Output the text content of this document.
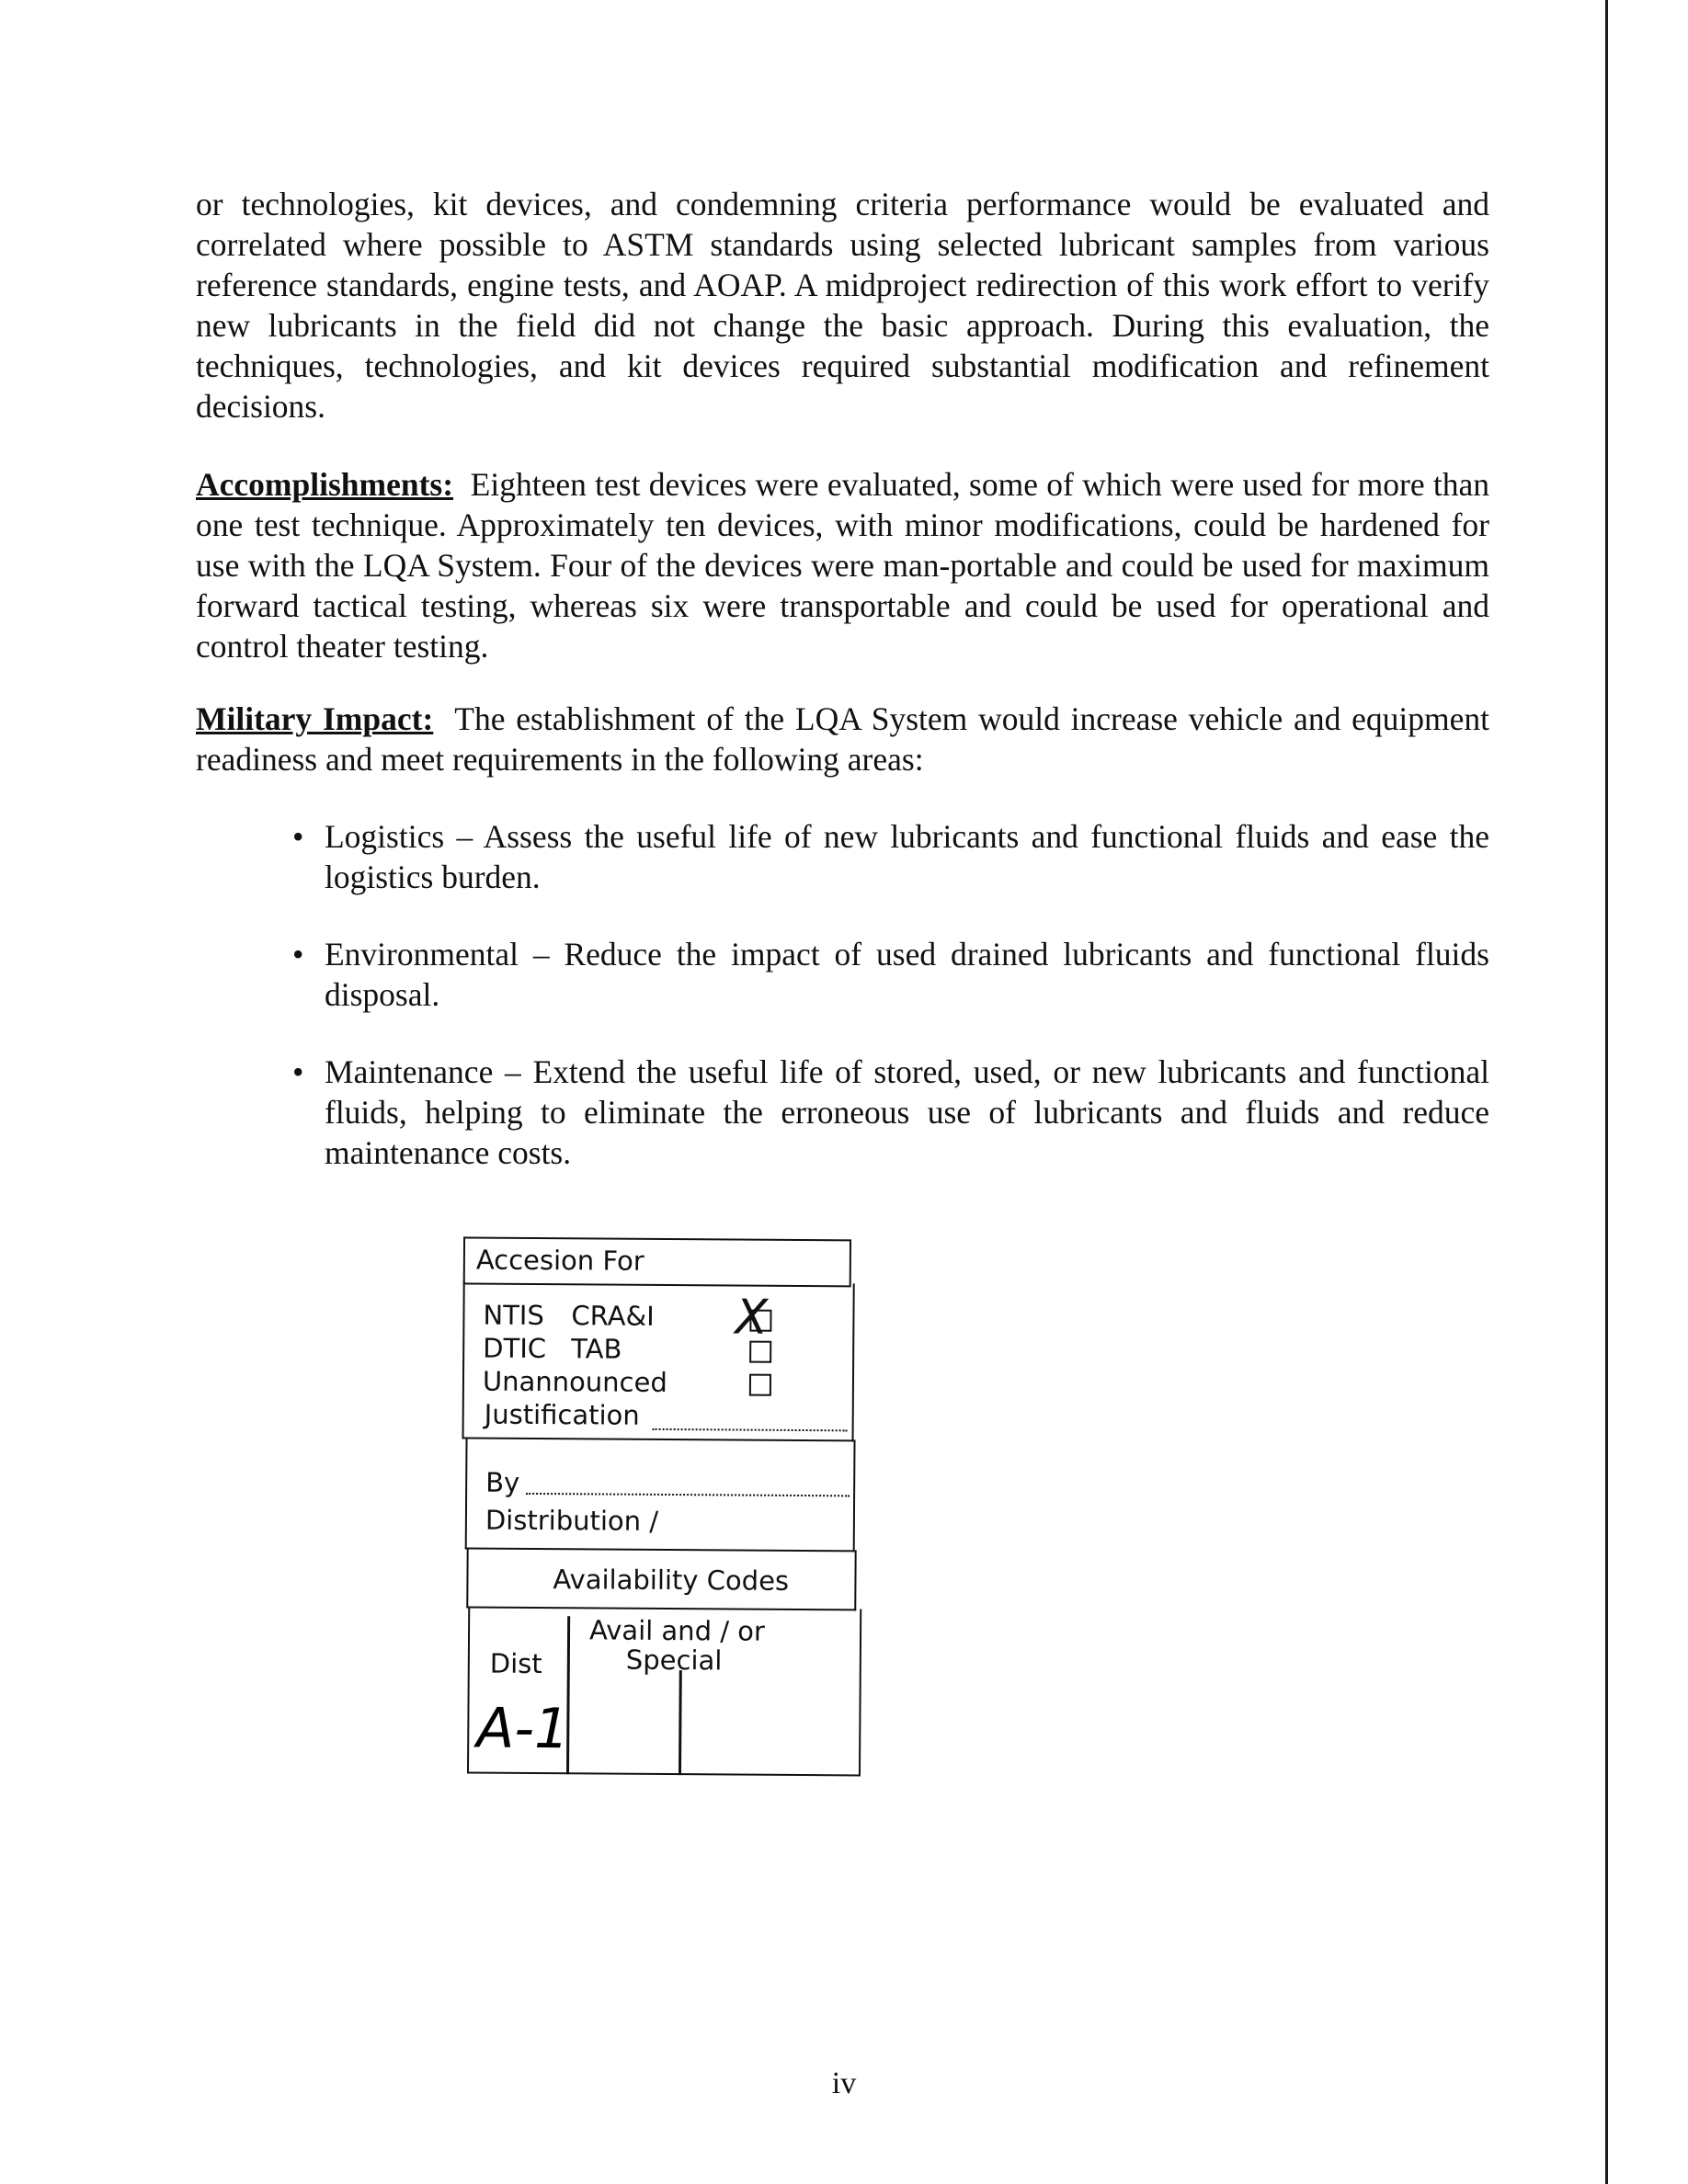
or technologies, kit devices, and condemning criteria performance would be evaluated and correlated where possible to ASTM standards using selected lubricant samples from various reference standards, engine tests, and AOAP. A midproject redirection of this work effort to verify new lubricants in the field did not change the basic approach. During this evaluation, the techniques, technologies, and kit devices required substantial modification and refinement decisions.

Accomplishments: Eighteen test devices were evaluated, some of which were used for more than one test technique. Approximately ten devices, with minor modifications, could be hardened for use with the LQA System. Four of the devices were man-portable and could be used for maximum forward tactical testing, whereas six were transportable and could be used for operational and control theater testing.

Military Impact: The establishment of the LQA System would increase vehicle and equipment readiness and meet requirements in the following areas:

• Logistics – Assess the useful life of new lubricants and functional fluids and ease the logistics burden.
• Environmental – Reduce the impact of used drained lubricants and functional fluids disposal.
• Maintenance – Extend the useful life of stored, used, or new lubricants and functional fluids, helping to eliminate the erroneous use of lubricants and fluids and reduce maintenance costs.
Accesion For
NTIS CRA&I
DTIC TAB
Unannounced
Justification
X
By
Distribution /
Availability Codes
Dist
Avail and / or
Special
A-1
iv
